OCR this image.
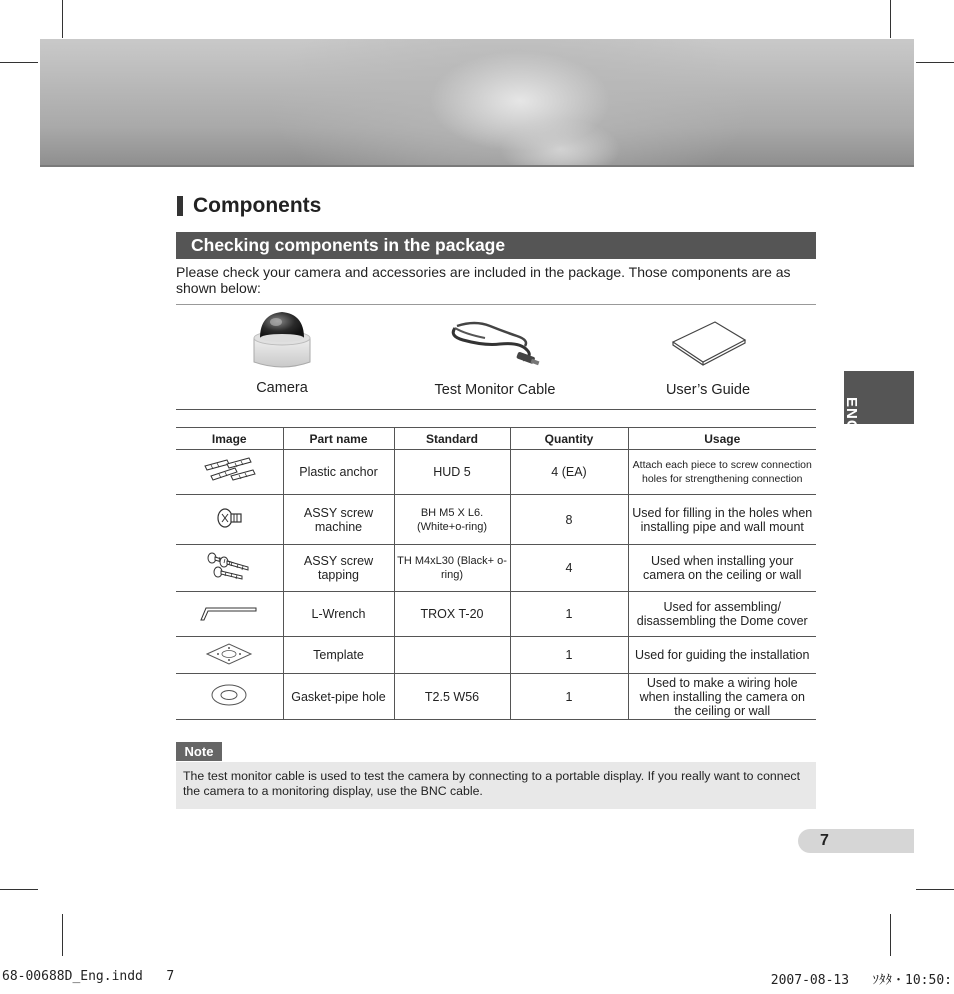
Components
Checking components in the package
Please check your camera and accessories are included in the package. Those components are as shown below:
Camera	Test Monitor Cable	User’s Guide
Image	Part name	Standard	Quantity	Usage
	Plastic anchor	HUD 5	4 (EA)	Attach each piece to screw connection holes for strengthening connection
	ASSY screw machine	BH M5 X L6. (White+o-ring)	8	Used for filling in the holes when installing pipe and wall mount
	ASSY screw tapping	TH M4xL30 (Black+ o-ring)	4	Used when installing your camera on the ceiling or wall
	L-Wrench	TROX T-20	1	Used for assembling/ disassembling the Dome cover
	Template		1	Used for guiding the installation
	Gasket-pipe hole	T2.5 W56	1	Used to make a wiring hole when installing the camera on the ceiling or wall
Note
The test monitor cable is used to test the camera by connecting to a portable display. If you really want to connect the camera to a monitoring display, use the BNC cable.
ENG
7
68-00688D_Eng.indd   7	2007-08-13   ｿﾀﾀ・10:50:
